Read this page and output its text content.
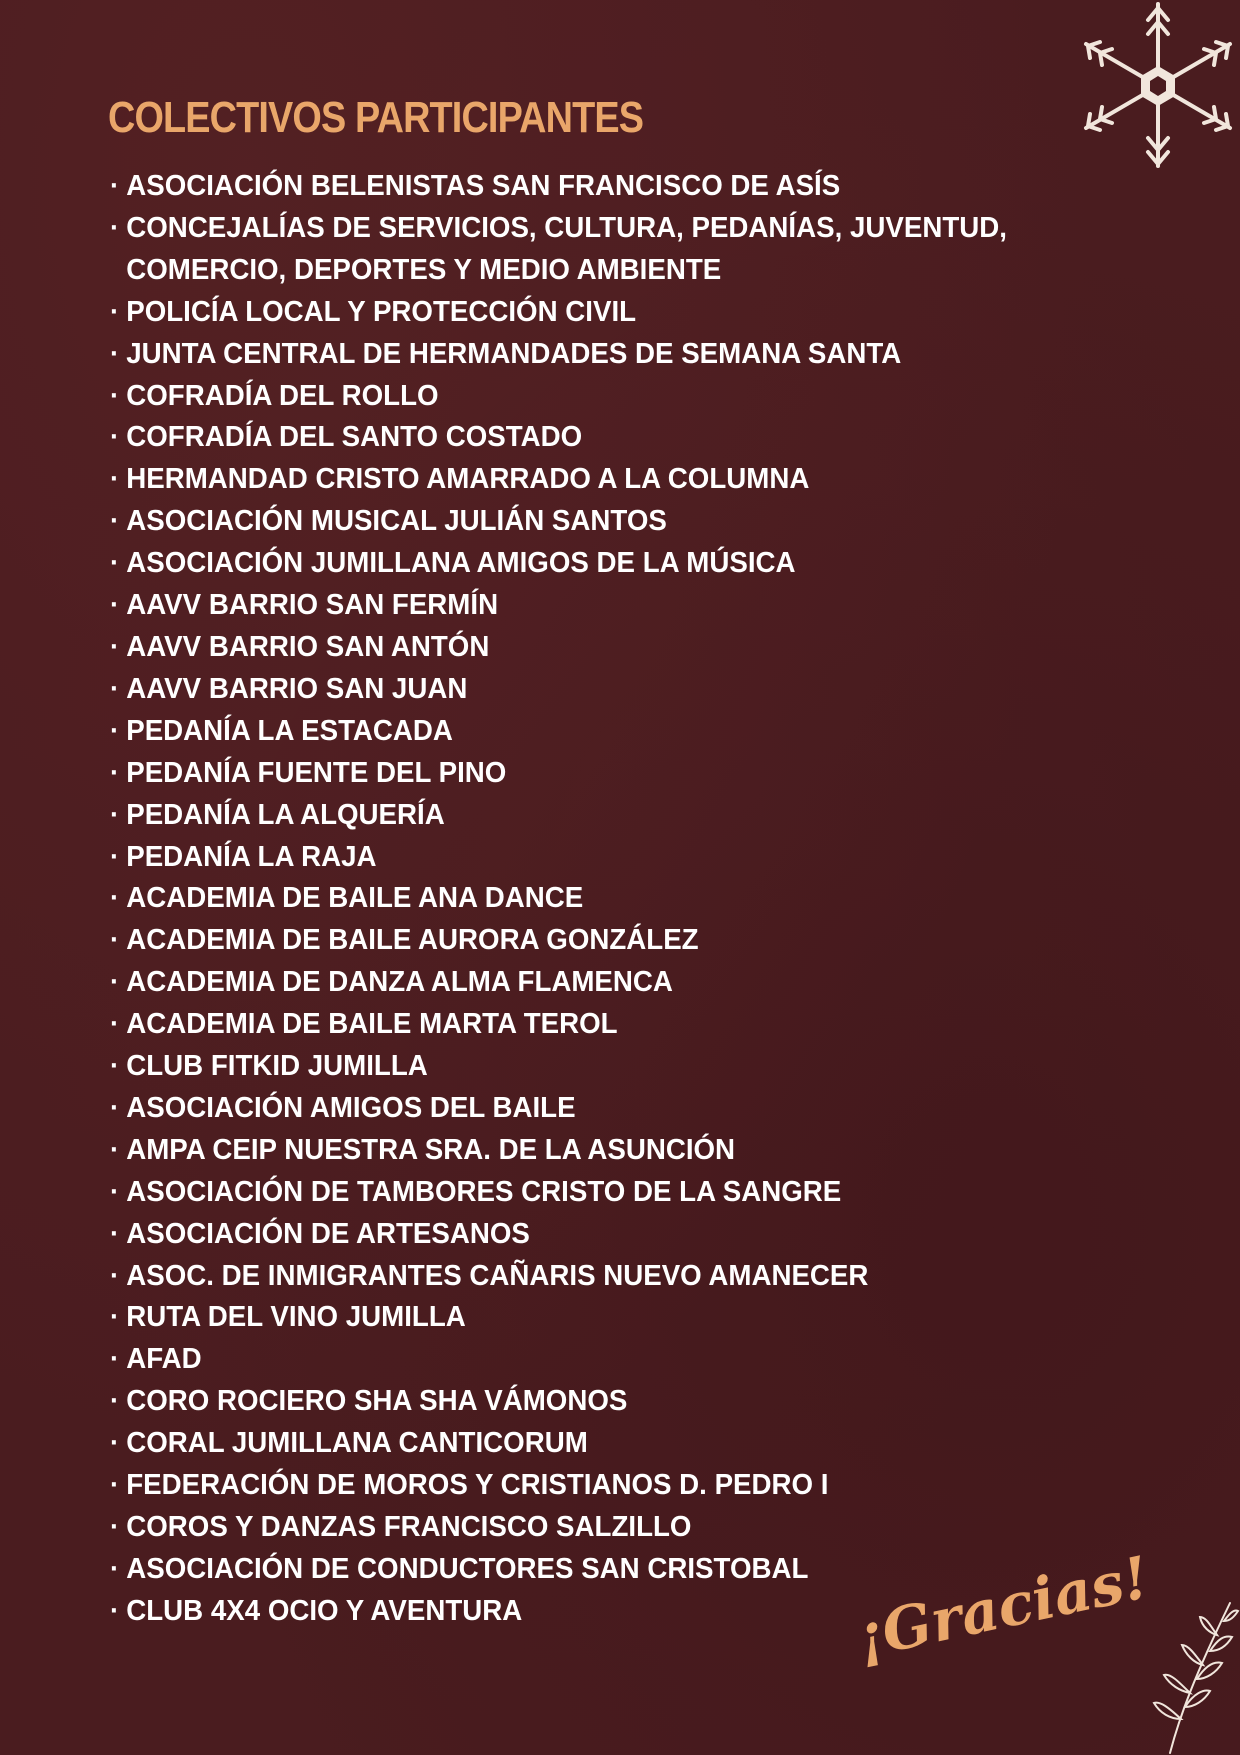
COLECTIVOS PARTICIPANTES
· ASOCIACIÓN BELENISTAS SAN FRANCISCO DE ASÍS
· CONCEJALÍAS DE SERVICIOS, CULTURA, PEDANÍAS, JUVENTUD,
COMERCIO, DEPORTES Y MEDIO AMBIENTE
· POLICÍA LOCAL Y PROTECCIÓN CIVIL
· JUNTA CENTRAL DE HERMANDADES DE SEMANA SANTA
· COFRADÍA DEL ROLLO
· COFRADÍA DEL SANTO COSTADO
· HERMANDAD CRISTO AMARRADO A LA COLUMNA
· ASOCIACIÓN MUSICAL JULIÁN SANTOS
· ASOCIACIÓN JUMILLANA AMIGOS DE LA MÚSICA
· AAVV BARRIO SAN FERMÍN
· AAVV BARRIO SAN ANTÓN
· AAVV BARRIO SAN JUAN
· PEDANÍA LA ESTACADA
· PEDANÍA FUENTE DEL PINO
· PEDANÍA LA ALQUERÍA
· PEDANÍA LA RAJA
· ACADEMIA DE BAILE ANA DANCE
· ACADEMIA DE BAILE AURORA GONZÁLEZ
· ACADEMIA DE DANZA ALMA FLAMENCA
· ACADEMIA DE BAILE MARTA TEROL
· CLUB FITKID JUMILLA
· ASOCIACIÓN AMIGOS DEL BAILE
· AMPA CEIP NUESTRA SRA. DE LA ASUNCIÓN
· ASOCIACIÓN DE TAMBORES CRISTO DE LA SANGRE
· ASOCIACIÓN DE ARTESANOS
· ASOC. DE INMIGRANTES CAÑARIS NUEVO AMANECER
· RUTA DEL VINO JUMILLA
· AFAD
· CORO ROCIERO SHA SHA VÁMONOS
· CORAL JUMILLANA CANTICORUM
· FEDERACIÓN DE MOROS Y CRISTIANOS D. PEDRO I
· COROS Y DANZAS FRANCISCO SALZILLO
· ASOCIACIÓN DE CONDUCTORES SAN CRISTOBAL
· CLUB 4X4 OCIO Y AVENTURA	¡Gracias!
